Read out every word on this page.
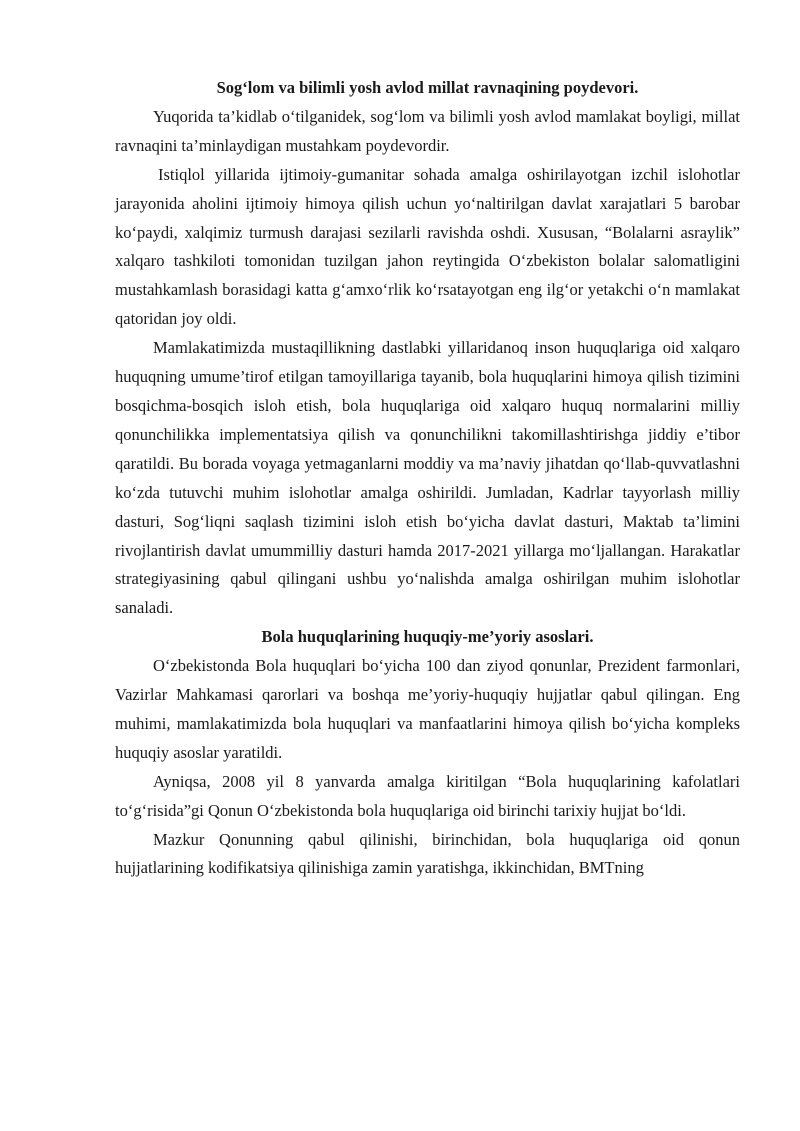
Sog‘lom va bilimli yosh avlod millat ravnaqining poydevori.

Yuqorida ta’kidlab o‘tilganidek, sog‘lom va bilimli yosh avlod mamlakat boyligi, millat ravnaqini ta’minlaydigan mustahkam poydevordir.

Istiqlol yillarida ijtimoiy-gumanitar sohada amalga oshirilayotgan izchil islohotlar jarayonida aholini ijtimoiy himoya qilish uchun yo‘naltirilgan davlat xarajatlari 5 barobar ko‘paydi, xalqimiz turmush darajasi sezilarli ravishda oshdi. Xususan, “Bolalarni asraylik” xalqaro tashkiloti tomonidan tuzilgan jahon reytingida O‘zbekiston bolalar salomatligini mustahkamlash borasidagi katta g‘amxo‘rlik ko‘rsatayotgan eng ilg‘or yetakchi o‘n mamlakat qatoridan joy oldi.

Mamlakatimizda mustaqillikning dastlabki yillaridanoq inson huquqlariga oid xalqaro huquqning umume’tirof etilgan tamoyillariga tayanib, bola huquqlarini himoya qilish tizimini bosqichma-bosqich isloh etish, bola huquqlariga oid xalqaro huquq normalarini milliy qonunchilikka implementatsiya qilish va qonunchilikni takomillashtirishga jiddiy e’tibor qaratildi. Bu borada voyaga yetmaganlarni moddiy va ma’naviy jihatdan qo‘llab-quvvatlashni ko‘zda tutuvchi muhim islohotlar amalga oshirildi. Jumladan, Kadrlar tayyorlash milliy dasturi, Sog‘liqni saqlash tizimini isloh etish bo‘yicha davlat dasturi, Maktab ta’limini rivojlantirish davlat umummilliy dasturi hamda 2017-2021 yillarga mo‘ljallangan. Harakatlar strategiyasining qabul qilingani ushbu yo‘nalishda amalga oshirilgan muhim islohotlar sanaladi.

Bola huquqlarining huquqiy-me’yoriy asoslari.

O‘zbekistonda Bola huquqlari bo‘yicha 100 dan ziyod qonunlar, Prezident farmonlari, Vazirlar Mahkamasi qarorlari va boshqa me’yoriy-huquqiy hujjatlar qabul qilingan. Eng muhimi, mamlakatimizda bola huquqlari va manfaatlarini himoya qilish bo‘yicha kompleks huquqiy asoslar yaratildi.

Ayniqsa, 2008 yil 8 yanvarda amalga kiritilgan “Bola huquqlarining kafolatlari to‘g‘risida”gi Qonun O‘zbekistonda bola huquqlariga oid birinchi tarixiy hujjat bo‘ldi.

Mazkur Qonunning qabul qilinishi, birinchidan, bola huquqlariga oid qonun hujjatlarining kodifikatsiya qilinishiga zamin yaratishga, ikkinchidan, BMTning
